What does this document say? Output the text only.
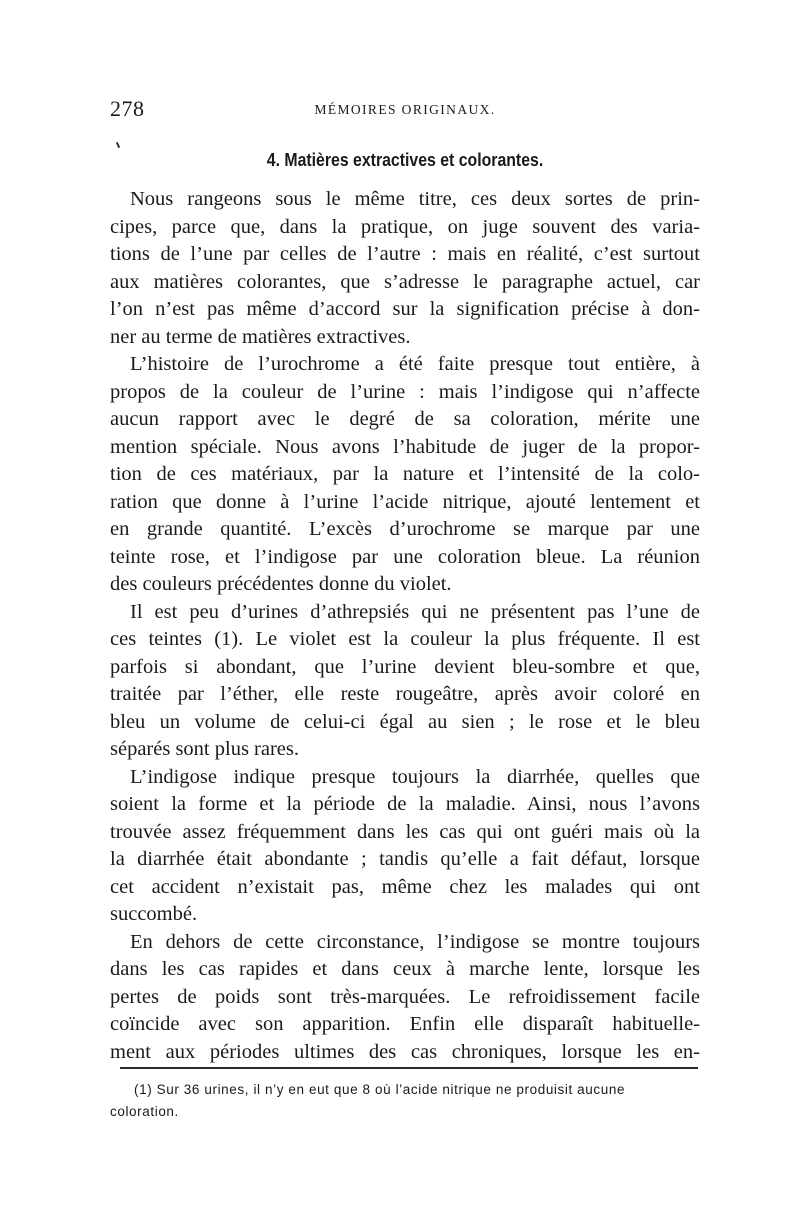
278	MÉMOIRES ORIGINAUX.
4. Matières extractives et colorantes.
Nous rangeons sous le même titre, ces deux sortes de prin-
cipes, parce que, dans la pratique, on juge souvent des varia-
tions de l’une par celles de l’autre : mais en réalité, c’est surtout
aux matières colorantes, que s’adresse le paragraphe actuel, car
l’on n’est pas même d’accord sur la signification précise à don-
ner au terme de matières extractives.
L’histoire de l’urochrome a été faite presque tout entière, à
propos de la couleur de l’urine : mais l’indigose qui n’affecte
aucun rapport avec le degré de sa coloration, mérite une
mention spéciale. Nous avons l’habitude de juger de la propor-
tion de ces matériaux, par la nature et l’intensité de la colo-
ration que donne à l’urine l’acide nitrique, ajouté lentement et
en grande quantité. L’excès d’urochrome se marque par une
teinte rose, et l’indigose par une coloration bleue. La réunion
des couleurs précédentes donne du violet.
Il est peu d’urines d’athrepsiés qui ne présentent pas l’une de
ces teintes (1). Le violet est la couleur la plus fréquente. Il est
parfois si abondant, que l’urine devient bleu-sombre et que,
traitée par l’éther, elle reste rougeâtre, après avoir coloré en
bleu un volume de celui-ci égal au sien ; le rose et le bleu
séparés sont plus rares.
L’indigose indique presque toujours la diarrhée, quelles que
soient la forme et la période de la maladie. Ainsi, nous l’avons
trouvée assez fréquemment dans les cas qui ont guéri mais où la
la diarrhée était abondante ; tandis qu’elle a fait défaut, lorsque
cet accident n’existait pas, même chez les malades qui ont
succombé.
En dehors de cette circonstance, l’indigose se montre toujours
dans les cas rapides et dans ceux à marche lente, lorsque les
pertes de poids sont très-marquées. Le refroidissement facile
coïncide avec son apparition. Enfin elle disparaît habituelle-
ment aux périodes ultimes des cas chroniques, lorsque les en-
(1) Sur 36 urines, il n’y en eut que 8 où l’acide nitrique ne produisit aucune
coloration.
